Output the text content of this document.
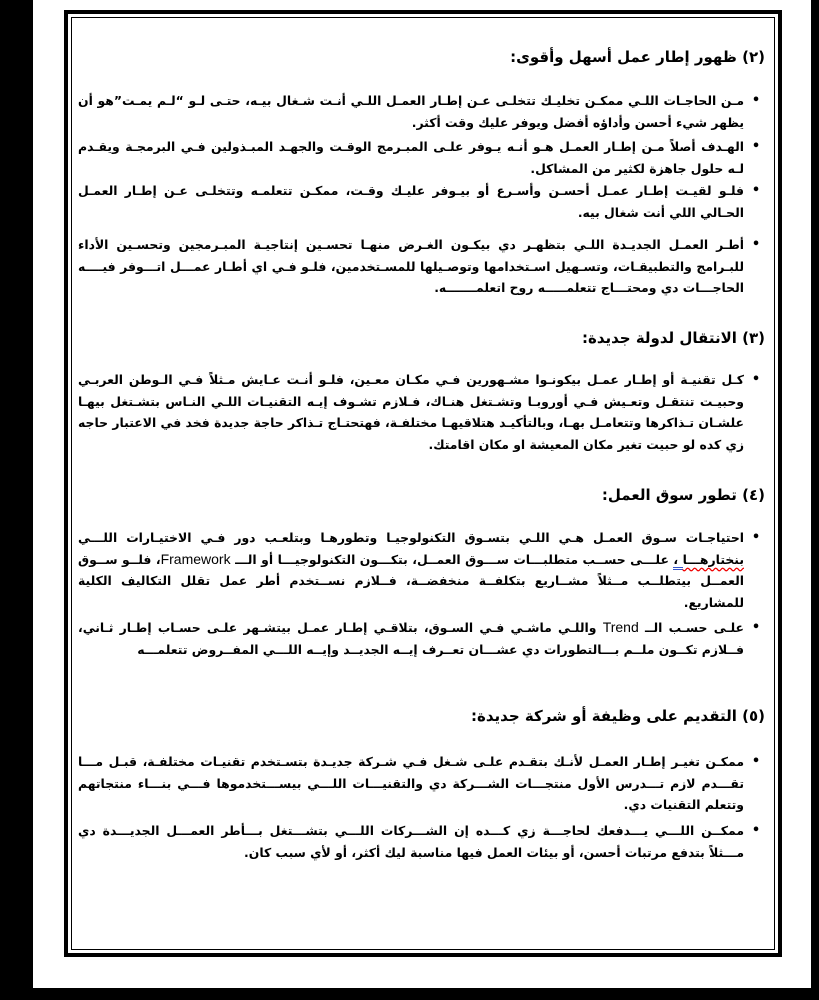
(٢) ظهور إطار عمل أسهل وأقوى:
•
مـن الحاجـات اللـي ممكـن تخليـك تتخلـى عـن إطـار العمـل اللـي أنـت شـغال بيـه، حتـى لـو “لـم يمـت”هو أن يظهر شيء أحسن وأداؤه أفضل ويوفر عليك وقت أكثر.
•
الهـدف أصلاً مـن إطـار العمـل هـو أنـه يـوفر علـى المبـرمج الوقـت والجهـد المبـذولين فـي البرمجـة ويقـدم لـه حلول جاهزة لكثير من المشاكل.
•
فلـو لقيـت إطـار عمـل أحسـن وأسـرع أو بيـوفر عليـك وقـت، ممكـن تتعلمـه وتتخلـى عـن إطـار العمـل الحـالي اللي أنت شغال بيه.
•
أطـر العمـل الجديـدة اللـي بتظهـر دي بيكـون الغـرض منهـا تحسـين إنتاجيـة المبـرمجين وتحسـين الأداء للبـرامج والتطبيقـات، وتسـهيل اسـتخدامها وتوصـيلها للمسـتخدمين، فلـو فـي اي أطـار عمـــل اتـــوفر فيــــه الحاجـــات دي ومحتـــاج تتعلمـــــه روح اتعلمـــــــه.
(٣) الانتقال لدولة جديدة:
•
كـل تقنيـة أو إطـار عمـل بيكونـوا مشـهورين فـي مكـان معـين، فلـو أنـت عـايش مـثلاً فـي الـوطن العربـي وحبيـت تنتقـل وتعـيش فـي أوروبـا وتشـتغل هنـاك، فـلازم تشـوف إيـه التقنيـات اللـي النـاس بتشـتغل بيهـا علشـان تـذاكرها وتتعامـل بهـا، وبالتأكيـد هتلاقيهـا مختلفـة، فهتحتـاج تـذاكر حاجة جديدة فخد في الاعتبار حاجه زي كده لو حبيت تغير مكان المعيشة او مكان اقامتك.
(٤) تطور سوق العمل:
•
احتياجـات سـوق العمـل هـي اللـي بتسـوق التكنولوجيـا وتطورهـا وبتلعـب دور فـي الاختيـارات اللـــي بنختارهـــا ، علـــى حســب متطلبـــات ســـوق العمــل، بتكـــون التكنولوجيـــا أو الـــ Framework، فلــو ســوق العمــل بيتطلــب مــثلاً مشــاريع بتكلفــة منخفضــة، فــلازم نســتخدم أطر عمل تقلل التكاليف الكلية للمشاريع.
•
علـى حسـب الــ Trend واللـي ماشـي فـي السـوق، بتلاقـي إطـار عمـل بيتشـهر علـى حسـاب إطـار ثـاني، فــلازم تكــون ملــم بـــالتطورات دي عشـــان تعــرف إيــه الجديــد وإيــه اللـــي المفــروض تتعلمـــه
(٥) التقديم على وظيفة أو شركة جديدة:
•
ممكـن تغيـر إطـار العمـل لأنـك بتقـدم علـى شـغل فـي شـركة جديـدة بتسـتخدم تقنيـات مختلفـة، قبـل مـــا تقـــدم لازم تـــدرس الأول منتجـــات الشـــركة دي والتقنيـــات اللـــي بيســـتخدموها فـــي بنـــاء منتجاتهم وتتعلم التقنيات دي.
•
ممكــن اللـــي يـــدفعك لحاجـــة زي كـــده إن الشـــركات اللـــي بتشـــتغل بـــأطر العمـــل الجديـــدة دي مـــثلاً بتدفع مرتبات أحسن، أو بيئات العمل فيها مناسبة ليك أكثر، أو لأي سبب كان.
